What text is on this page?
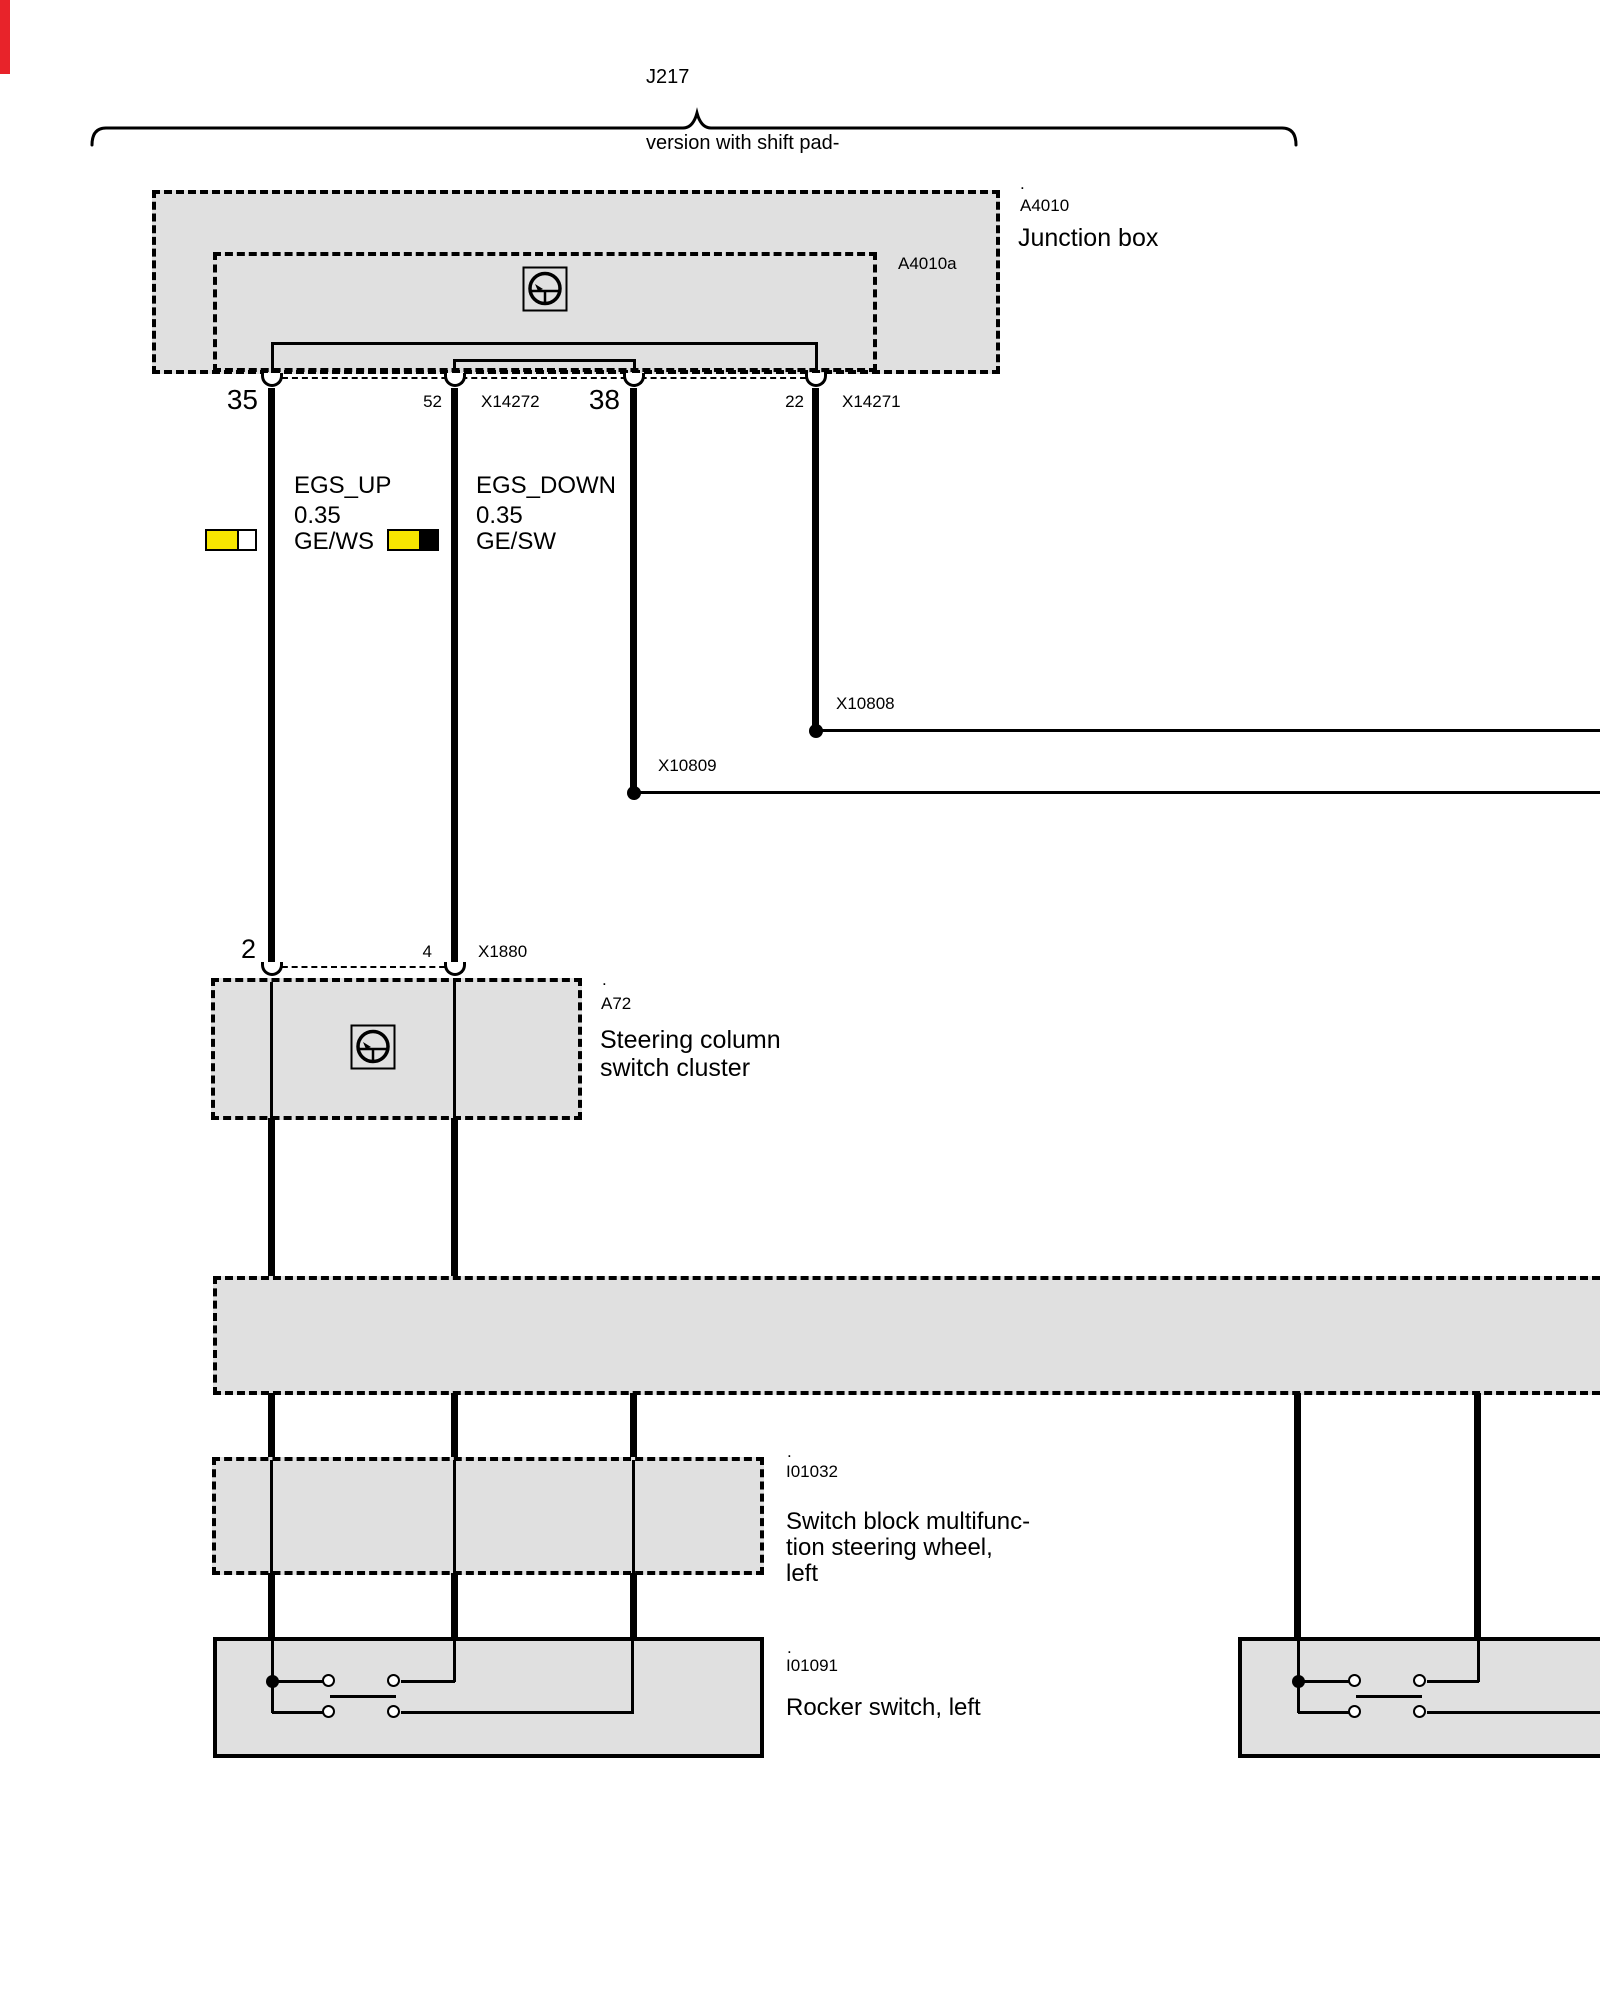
J217

version with shift pad-

35	52 X14272	38	22 X14271
.
A4010
Junction box
A4010a
EGS_UP
0.35
GE/WS
EGS_DOWN
0.35
GE/SW
X10808
X10809
2	4	X1880
.
A72
Steering column
switch cluster
.
I01032
Switch block multifunc-
tion steering wheel,
left
.
I01091
Rocker switch, left
